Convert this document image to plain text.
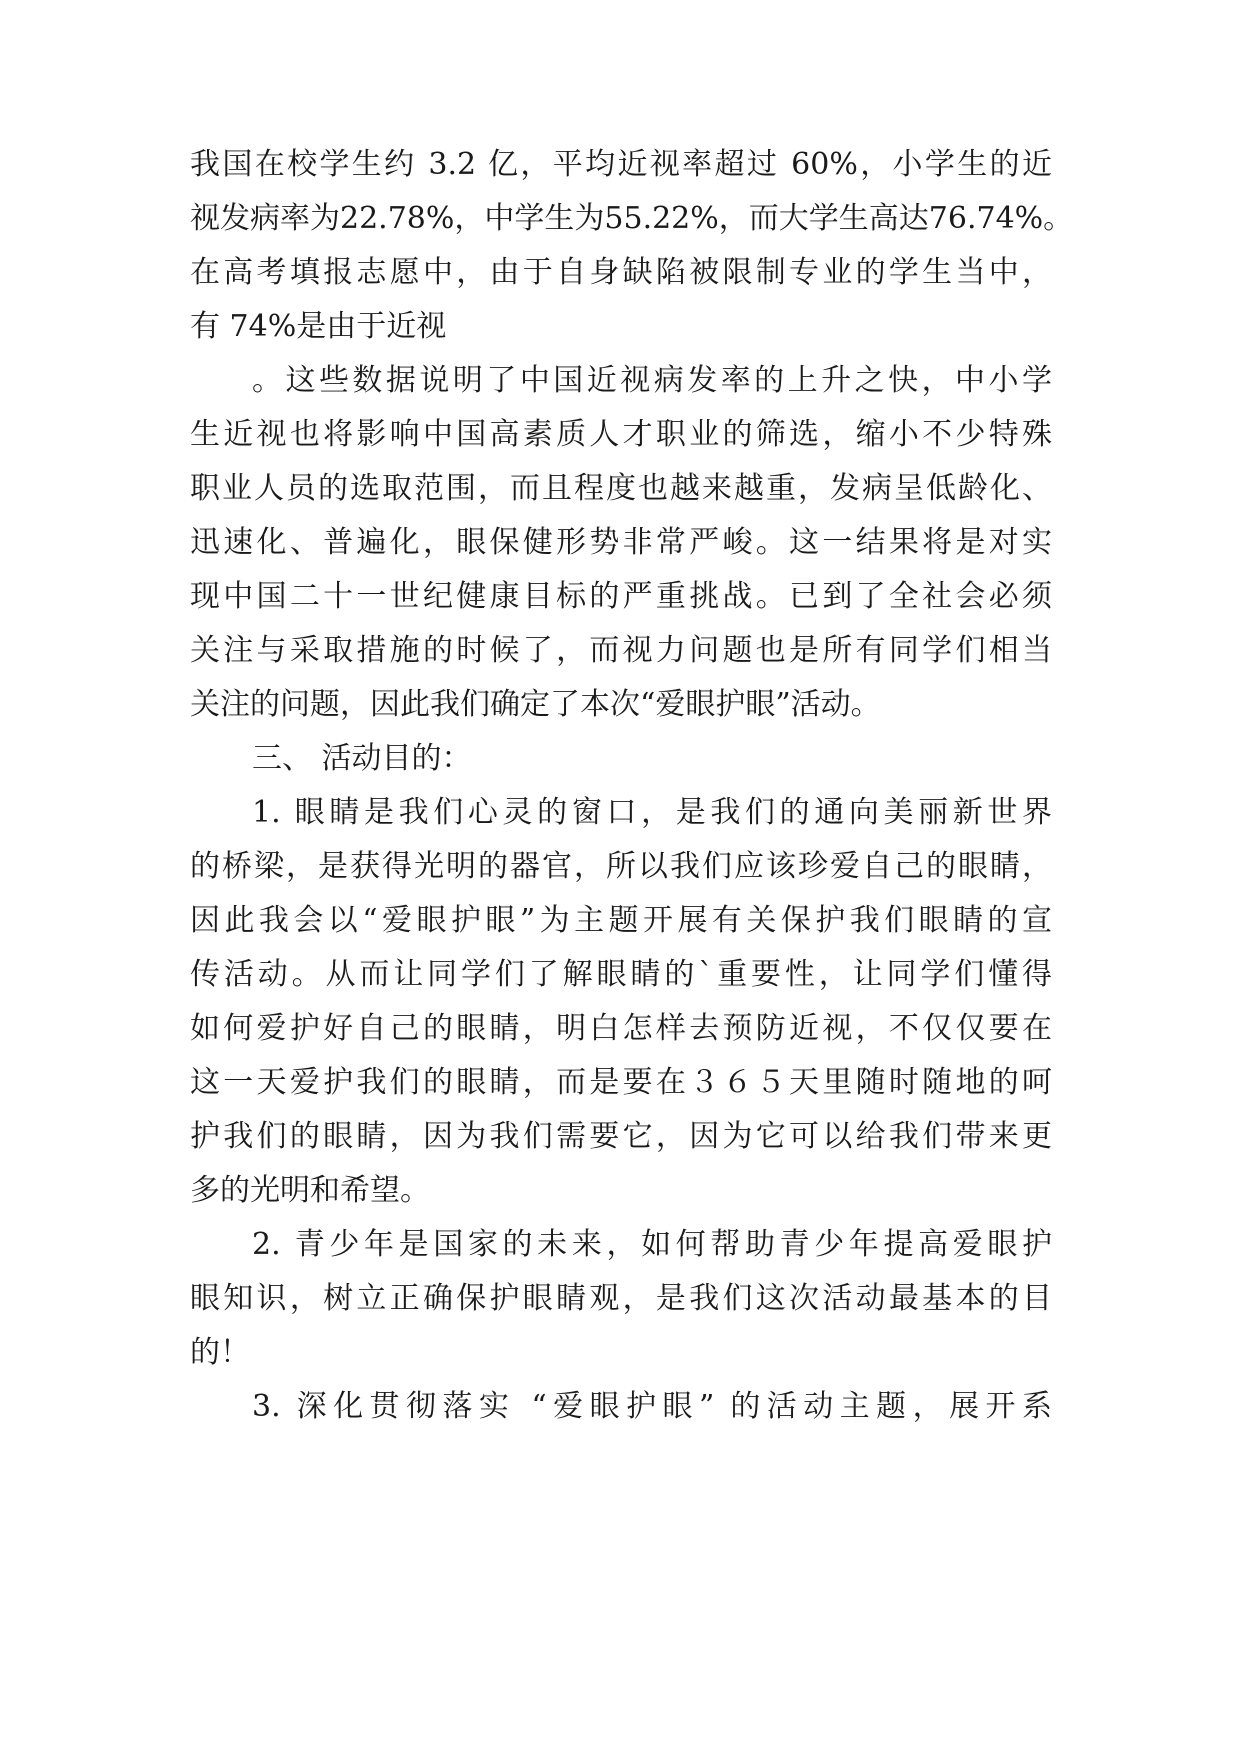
我国在校学生约 3.2 亿，平均近视率超过 60%，小学生的近
视发病率为22.78%，中学生为55.22%，而大学生高达76.74%。
在高考填报志愿中，由于自身缺陷被限制专业的学生当中，
有 74%是由于近视
。这些数据说明了中国近视病发率的上升之快，中小学
生近视也将影响中国高素质人才职业的筛选，缩小不少特殊
职业人员的选取范围，而且程度也越来越重，发病呈低龄化、
迅速化、普遍化，眼保健形势非常严峻。这一结果将是对实
现中国二十一世纪健康目标的严重挑战。已到了全社会必须
关注与采取措施的时候了，而视力问题也是所有同学们相当
关注的问题，因此我们确定了本次“爱眼护眼”活动。
三、 活动目的：
1. 眼睛是我们心灵的窗口，是我们的通向美丽新世界
的桥梁，是获得光明的器官，所以我们应该珍爱自己的眼睛，
因此我会以“爱眼护眼”为主题开展有关保护我们眼睛的宣
传活动。从而让同学们了解眼睛的`重要性，让同学们懂得
如何爱护好自己的眼睛，明白怎样去预防近视，不仅仅要在
这一天爱护我们的眼睛，而是要在３６５天里随时随地的呵
护我们的眼睛，因为我们需要它，因为它可以给我们带来更
多的光明和希望。
2. 青少年是国家的未来，如何帮助青少年提高爱眼护
眼知识，树立正确保护眼睛观，是我们这次活动最基本的目
的！
3. 深化贯彻落实 “爱眼护眼” 的活动主题，展开系
